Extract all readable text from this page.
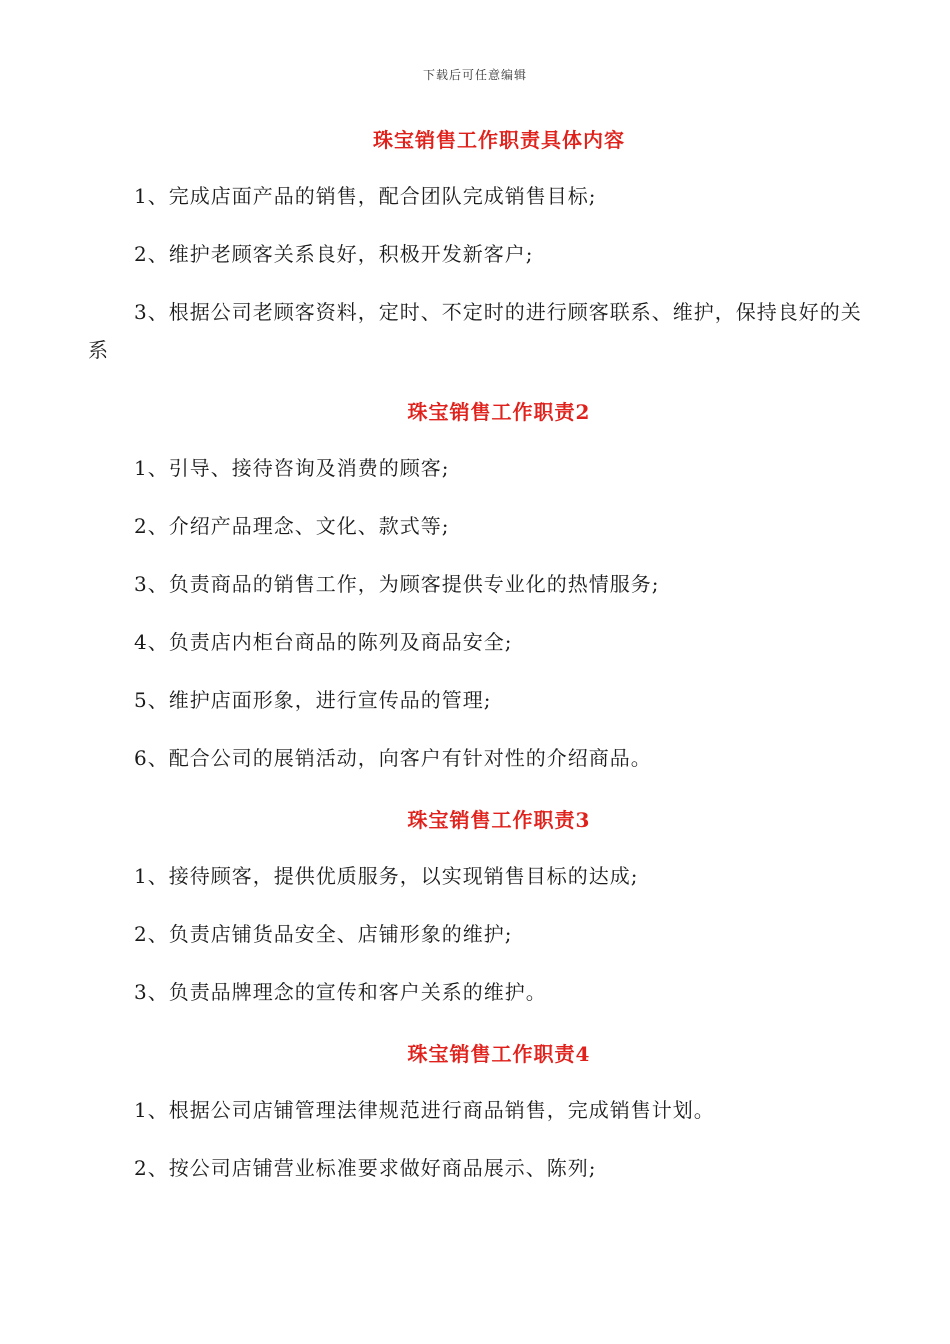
下载后可任意编辑
珠宝销售工作职责具体内容
1、完成店面产品的销售，配合团队完成销售目标;
2、维护老顾客关系良好，积极开发新客户;
3、根据公司老顾客资料，定时、不定时的进行顾客联系、维护，保持良好的关系
珠宝销售工作职责2
1、引导、接待咨询及消费的顾客;
2、介绍产品理念、文化、款式等;
3、负责商品的销售工作，为顾客提供专业化的热情服务;
4、负责店内柜台商品的陈列及商品安全;
5、维护店面形象，进行宣传品的管理;
6、配合公司的展销活动，向客户有针对性的介绍商品。
珠宝销售工作职责3
1、接待顾客，提供优质服务，以实现销售目标的达成;
2、负责店铺货品安全、店铺形象的维护;
3、负责品牌理念的宣传和客户关系的维护。
珠宝销售工作职责4
1、根据公司店铺管理法律规范进行商品销售，完成销售计划。
2、按公司店铺营业标准要求做好商品展示、陈列;
